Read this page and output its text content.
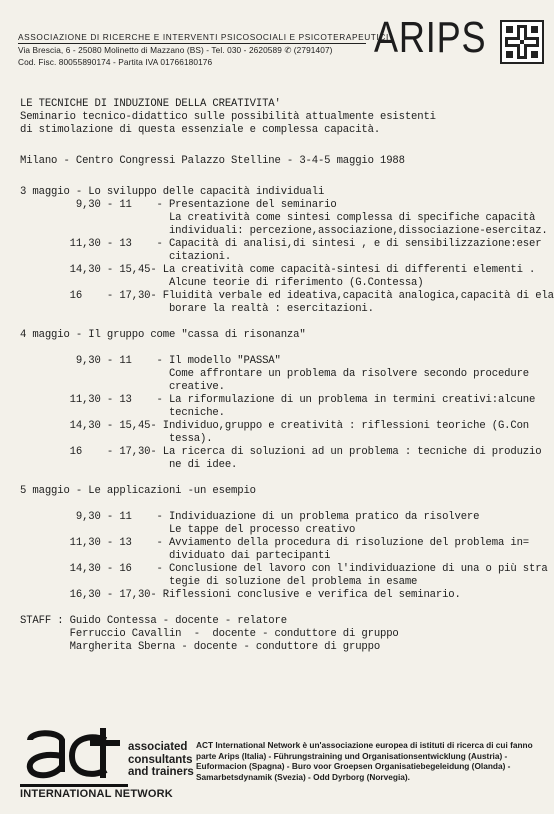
ASSOCIAZIONE DI RICERCHE E INTERVENTI PSICOSOCIALI E PSICOTERAPEUTICI
Via Brescia, 6 - 25080 Molinetto di Mazzano (BS) - Tel. 030 - 2620589 ✆ (2791407)
Cod. Fisc. 80055890174 - Partita IVA 01766180176	ARIPS
LE TECNICHE DI INDUZIONE DELLA CREATIVITA'
Seminario tecnico-didattico sulle possibilità attualmente esistenti
di stimolazione di questa essenziale e complessa capacità.
Milano - Centro Congressi Palazzo Stelline - 3-4-5 maggio 1988
3 maggio - Lo sviluppo delle capacità individuali
9,30 - 11    - Presentazione del seminario
La creatività come sintesi complessa di specifiche capacità
individuali: percezione,associazione,dissociazione-esercitaz.
11,30 - 13    - Capacità di analisi,di sintesi , e di sensibilizzazione:eser
citazioni.
14,30 - 15,45- La creatività come capacità-sintesi di differenti elementi .
Alcune teorie di riferimento (G.Contessa)
16    - 17,30- Fluidità verbale ed ideativa,capacità analogica,capacità di ela
borare la realtà : esercitazioni.

4 maggio - Il gruppo come "cassa di risonanza"

9,30 - 11    - Il modello "PASSA"
Come affrontare un problema da risolvere secondo procedure
creative.
11,30 - 13    - La riformulazione di un problema in termini creativi:alcune
tecniche.
14,30 - 15,45- Individuo,gruppo e creatività : riflessioni teoriche (G.Con
tessa).
16    - 17,30- La ricerca di soluzioni ad un problema : tecniche di produzio
ne di idee.

5 maggio - Le applicazioni -un esempio

9,30 - 11    - Individuazione di un problema pratico da risolvere
Le tappe del processo creativo
11,30 - 13    - Avviamento della procedura di risoluzione del problema in=
dividuato dai partecipanti
14,30 - 16    - Conclusione del lavoro con l'individuazione di una o più stra
tegie di soluzione del problema in esame
16,30 - 17,30- Riflessioni conclusive e verifica del seminario.

STAFF : Guido Contessa - docente - relatore
Ferruccio Cavallin  -  docente - conduttore di gruppo
Margherita Sberna - docente - conduttore di gruppo
associated
consultants
and trainers
INTERNATIONAL NETWORK
ACT International Network è un'associazione europea di istituti di ricerca di cui fanno parte Arips (Italia) - Führungstraining und Organisationsentwicklung (Austria) - Euformacion (Spagna) - Buro voor Groepsen Organisatiebegeleidung (Olanda) - Samarbetsdynamik (Svezia) - Odd Dyrborg (Norvegia).
